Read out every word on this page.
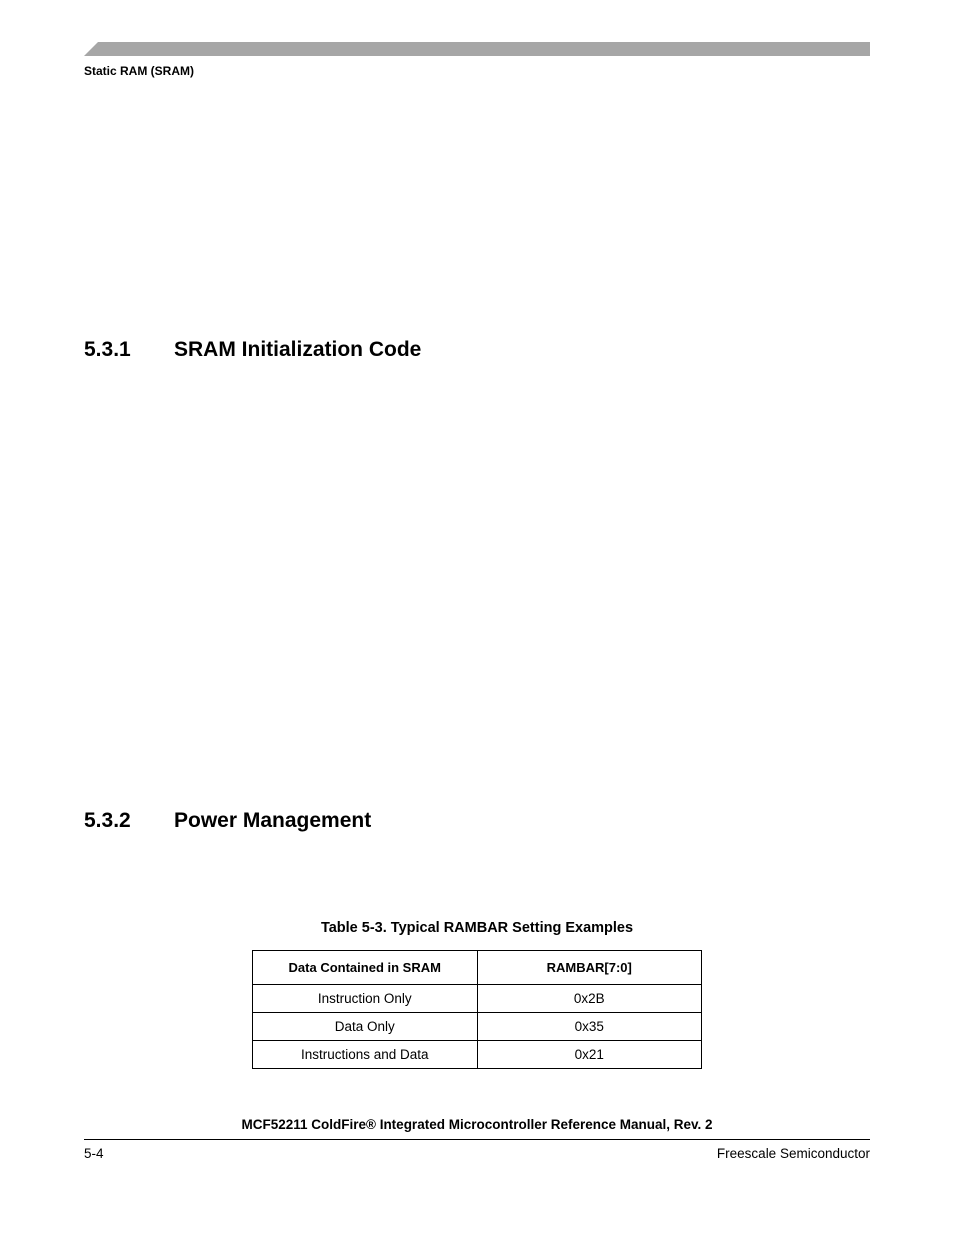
Static RAM (SRAM)
5.3.1	SRAM Initialization Code
5.3.2	Power Management
Table 5-3. Typical RAMBAR Setting Examples
Data Contained in SRAM	RAMBAR[7:0]
Instruction Only	0x2B
Data Only	0x35
Instructions and Data	0x21
MCF52211 ColdFire® Integrated Microcontroller Reference Manual, Rev. 2
5-4	Freescale Semiconductor
